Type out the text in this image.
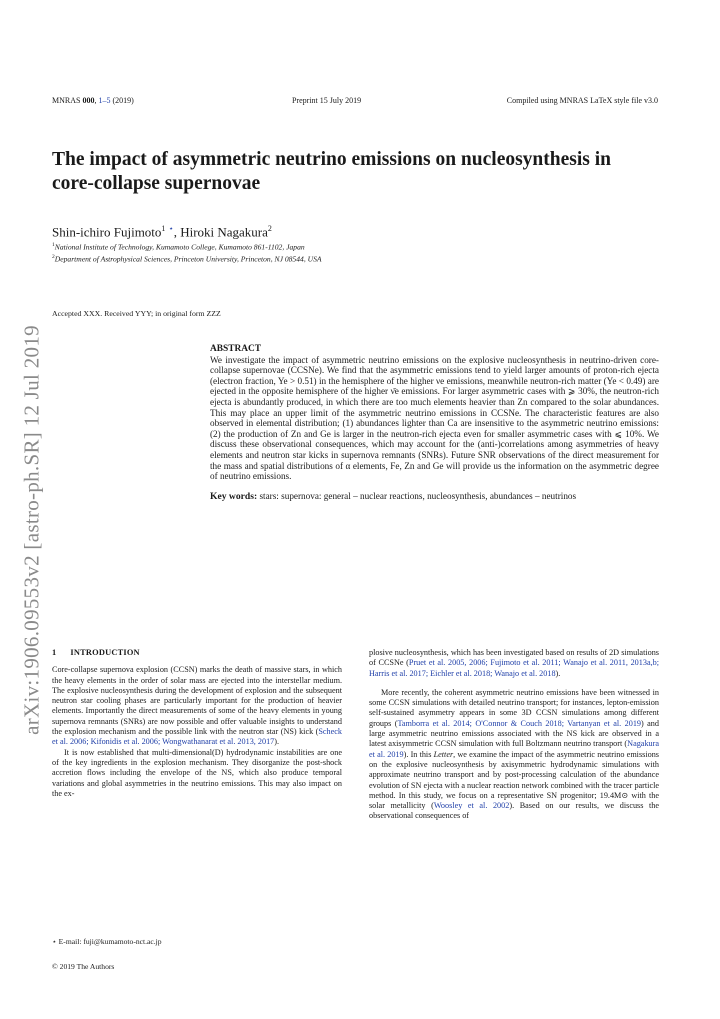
MNRAS 000, 1–5 (2019)	Preprint 15 July 2019	Compiled using MNRAS LaTeX style file v3.0
arXiv:1906.09553v2 [astro-ph.SR] 12 Jul 2019
The impact of asymmetric neutrino emissions on nucleosynthesis in core-collapse supernovae
Shin-ichiro Fujimoto$^1$ ⋆, Hiroki Nagakura$^2$
$^1$National Institute of Technology, Kumamoto College, Kumamoto 861-1102, Japan
$^2$Department of Astrophysical Sciences, Princeton University, Princeton, NJ 08544, USA
Accepted XXX. Received YYY; in original form ZZZ
ABSTRACT

We investigate the impact of asymmetric neutrino emissions on the explosive nucleosynthesis in neutrino-driven core-collapse supernovae (CCSNe). We find that the asymmetric emissions tend to yield larger amounts of proton-rich ejecta (electron fraction, Ye > 0.51) in the hemisphere of the higher νe emissions, meanwhile neutron-rich matter (Ye < 0.49) are ejected in the opposite hemisphere of the higher ν̄e emissions. For larger asymmetric cases with ⩾ 30%, the neutron-rich ejecta is abundantly produced, in which there are too much elements heavier than Zn compared to the solar abundances. This may place an upper limit of the asymmetric neutrino emissions in CCSNe. The characteristic features are also observed in elemental distribution; (1) abundances lighter than Ca are insensitive to the asymmetric neutrino emissions: (2) the production of Zn and Ge is larger in the neutron-rich ejecta even for smaller asymmetric cases with ⩽ 10%. We discuss these observational consequences, which may account for the (anti-)correlations among asymmetries of heavy elements and neutron star kicks in supernova remnants (SNRs). Future SNR observations of the direct measurement for the mass and spatial distributions of α elements, Fe, Zn and Ge will provide us the information on the asymmetric degree of neutrino emissions.

Key words: stars: supernova: general – nuclear reactions, nucleosynthesis, abundances – neutrinos
1 INTRODUCTION

Core-collapse supernova explosion (CCSN) marks the death of massive stars, in which the heavy elements in the order of solar mass are ejected into the interstellar medium. The explosive nucleosynthesis during the development of explosion and the subsequent neutron star cooling phases are particularly important for the production of heavier elements. Importantly the direct measurements of some of the heavy elements in young supernova remnants (SNRs) are now possible and offer valuable insights to understand the explosion mechanism and the possible link with the neutron star (NS) kick (Scheck et al. 2006; Kifonidis et al. 2006; Wongwathanarat et al. 2013, 2017).

It is now established that multi-dimensional(D) hydrodynamic instabilities are one of the key ingredients in the explosion mechanism. They disorganize the post-shock accretion flows including the envelope of the NS, which also produce temporal variations and global asymmetries in the neutrino emissions. This may also impact on the ex-

plosive nucleosynthesis, which has been investigated based on results of 2D simulations of CCSNe (Pruet et al. 2005, 2006; Fujimoto et al. 2011; Wanajo et al. 2011, 2013a,b; Harris et al. 2017; Eichler et al. 2018; Wanajo et al. 2018).

More recently, the coherent asymmetric neutrino emissions have been witnessed in some CCSN simulations with detailed neutrino transport; for instances, lepton-emission self-sustained asymmetry appears in some 3D CCSN simulations among different groups (Tamborra et al. 2014; O'Connor & Couch 2018; Vartanyan et al. 2019) and large asymmetric neutrino emissions associated with the NS kick are observed in a latest axisymmetric CCSN simulation with full Boltzmann neutrino transport (Nagakura et al. 2019). In this Letter, we examine the impact of the asymmetric neutrino emissions on the explosive nucleosynthesis by axisymmetric hydrodynamic simulations with approximate neutrino transport and by post-processing calculation of the abundance evolution of SN ejecta with a nuclear reaction network combined with the tracer particle method. In this study, we focus on a representative SN progenitor; 19.4M⊙ with the solar metallicity (Woosley et al. 2002). Based on our results, we discuss the observational consequences of

⋆ E-mail: fuji@kumamoto-nct.ac.jp
© 2019 The Authors
